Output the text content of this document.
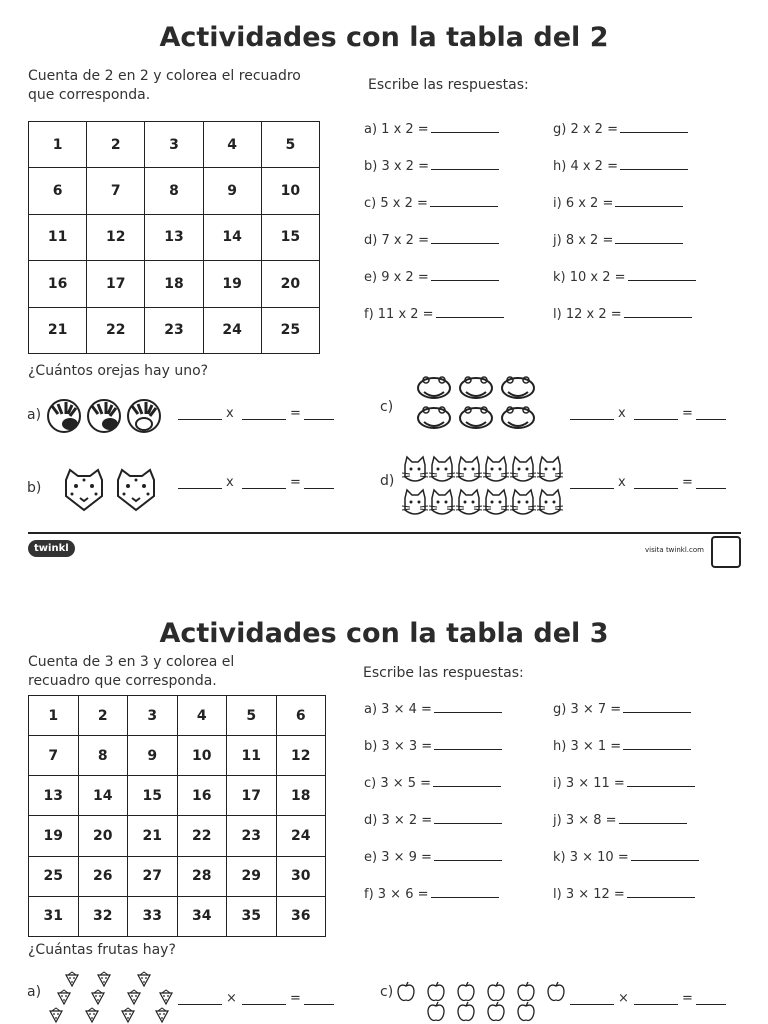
Actividades con la tabla del 2
Cuenta de 2 en 2 y colorea el recuadro
que corresponda.
Escribe las respuestas:
1	2	3	4	5
6	7	8	9	10
11	12	13	14	15
16	17	18	19	20
21	22	23	24	25
a) 1 x 2 =
b) 3 x 2 =
c) 5 x 2 =
d) 7 x 2 =
e) 9 x 2 =
f) 11 x 2 =
g) 2 x 2 =
h) 4 x 2 =
i) 6 x 2 =
j) 8 x 2 =
k) 10 x 2 =
l) 12 x 2 =
¿Cuántos orejas hay uno?
a)
b)
c)
d)
x	=
x	=
x	=
x	=
twinkl	visita twinkl.com
Actividades con la tabla del 3
Cuenta de 3 en 3 y colorea el
recuadro que corresponda.	Escribe las respuestas:
1	2	3	4	5	6
7	8	9	10	11	12
13	14	15	16	17	18
19	20	21	22	23	24
25	26	27	28	29	30
31	32	33	34	35	36
a) 3 × 4 =
b) 3 × 3 =
c) 3 × 5 =
d) 3 × 2 =
e) 3 × 9 =
f) 3 × 6 =
g) 3 × 7 =
h) 3 × 1 =
i) 3 × 11 =
j) 3 × 8 =
k) 3 × 10 =
l) 3 × 12 =
¿Cuántas frutas hay?
a)	c)
×	=	×	=
